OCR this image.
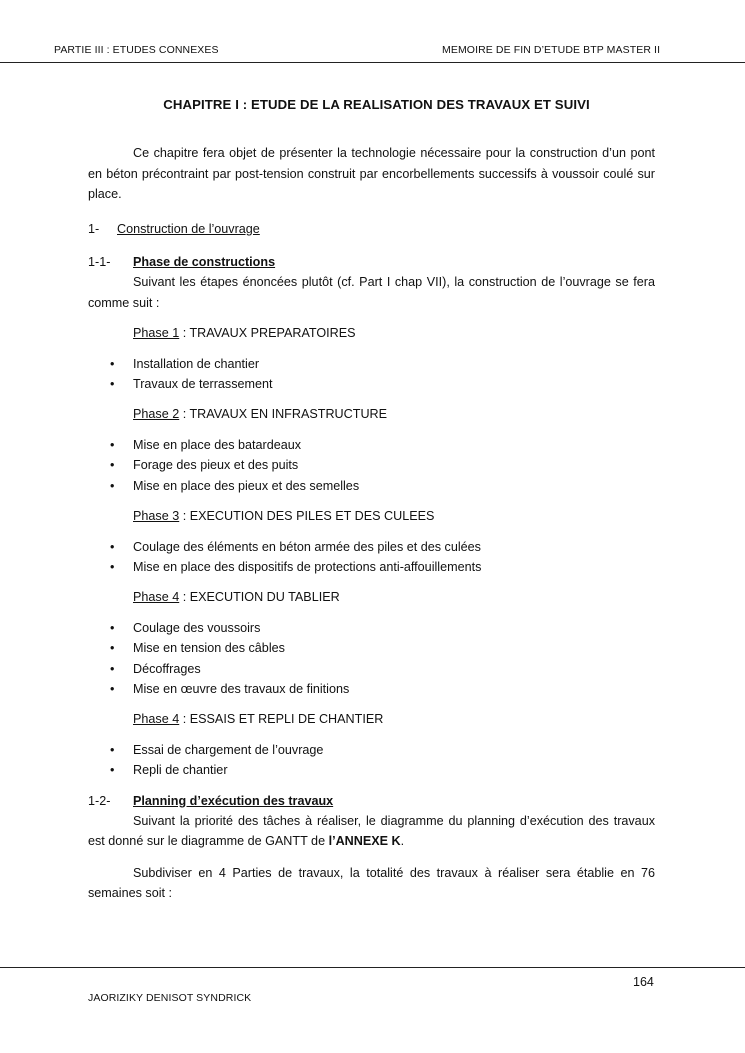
PARTIE III : ETUDES CONNEXES	MEMOIRE DE FIN D’ETUDE BTP MASTER II
CHAPITRE I : ETUDE DE LA REALISATION DES TRAVAUX ET SUIVI

Ce chapitre fera objet de présenter la technologie nécessaire pour la construction d’un pont en béton précontraint par post-tension construit par encorbellements successifs à voussoir coulé sur place.

1- Construction de l’ouvrage
1-1- Phase de constructions

Suivant les étapes énoncées plutôt (cf. Part I chap VII), la construction de l’ouvrage se fera comme suit :

Phase 1 : TRAVAUX PREPARATOIRES
• Installation de chantier
• Travaux de terrassement
Phase 2 : TRAVAUX EN INFRASTRUCTURE
• Mise en place des batardeaux
• Forage des pieux et des puits
• Mise en place des pieux et des semelles
Phase 3 : EXECUTION DES PILES ET DES CULEES
• Coulage des éléments en béton armée des piles et des culées
• Mise en place des dispositifs de protections anti-affouillements
Phase 4 : EXECUTION DU TABLIER
• Coulage des voussoirs
• Mise en tension des câbles
• Décoffrages
• Mise en œuvre des travaux de finitions
Phase 4 : ESSAIS ET REPLI DE CHANTIER
• Essai de chargement de l’ouvrage
• Repli de chantier
1-2- Planning d’exécution des travaux

Suivant la priorité des tâches à réaliser, le diagramme du planning d’exécution des travaux est donné sur le diagramme de GANTT de l’ANNEXE K.

Subdiviser en 4 Parties de travaux, la totalité des travaux à réaliser sera établie en 76 semaines soit :

164
JAORIZIKY DENISOT SYNDRICK
